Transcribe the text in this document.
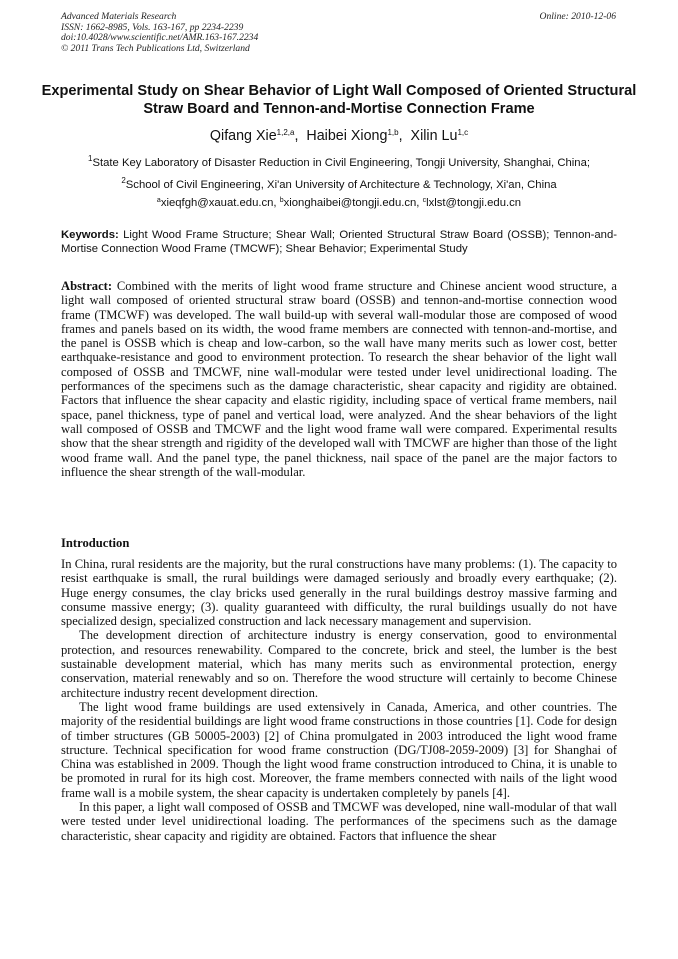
Advanced Materials Research
ISSN: 1662-8985, Vols. 163-167, pp 2234-2239
doi:10.4028/www.scientific.net/AMR.163-167.2234
© 2011 Trans Tech Publications Ltd, Switzerland
Online: 2010-12-06
Experimental Study on Shear Behavior of Light Wall Composed of Oriented Structural Straw Board and Tennon-and-Mortise Connection Frame
Qifang Xie$^{1,2,a}$, Haibei Xiong$^{1,b}$, Xilin Lu$^{1,c}$
$^1$State Key Laboratory of Disaster Reduction in Civil Engineering, Tongji University, Shanghai, China;
$^2$School of Civil Engineering, Xi'an University of Architecture & Technology, Xi'an, China
$^a$xieqfgh@xauat.edu.cn, $^b$xionghaibei@tongji.edu.cn, $^c$lxlst@tongji.edu.cn
Keywords: Light Wood Frame Structure; Shear Wall; Oriented Structural Straw Board (OSSB); Tennon-and-Mortise Connection Wood Frame (TMCWF); Shear Behavior; Experimental Study
Abstract: Combined with the merits of light wood frame structure and Chinese ancient wood structure, a light wall composed of oriented structural straw board (OSSB) and tennon-and-mortise connection wood frame (TMCWF) was developed. The wall build-up with several wall-modular those are composed of wood frames and panels based on its width, the wood frame members are connected with tennon-and-mortise, and the panel is OSSB which is cheap and low-carbon, so the wall have many merits such as lower cost, better earthquake-resistance and good to environment protection. To research the shear behavior of the light wall composed of OSSB and TMCWF, nine wall-modular were tested under level unidirectional loading. The performances of the specimens such as the damage characteristic, shear capacity and rigidity are obtained. Factors that influence the shear capacity and elastic rigidity, including space of vertical frame members, nail space, panel thickness, type of panel and vertical load, were analyzed. And the shear behaviors of the light wall composed of OSSB and TMCWF and the light wood frame wall were compared. Experimental results show that the shear strength and rigidity of the developed wall with TMCWF are higher than those of the light wood frame wall. And the panel type, the panel thickness, nail space of the panel are the major factors to influence the shear strength of the wall-modular.
Introduction

In China, rural residents are the majority, but the rural constructions have many problems: (1). The capacity to resist earthquake is small, the rural buildings were damaged seriously and broadly every earthquake; (2). Huge energy consumes, the clay bricks used generally in the rural buildings destroy massive farming and consume massive energy; (3). quality guaranteed with difficulty, the rural buildings usually do not have specialized design, specialized construction and lack necessary management and supervision.

The development direction of architecture industry is energy conservation, good to environmental protection, and resources renewability. Compared to the concrete, brick and steel, the lumber is the best sustainable development material, which has many merits such as environmental protection, energy conservation, material renewably and so on. Therefore the wood structure will certainly to become Chinese architecture industry recent development direction.

The light wood frame buildings are used extensively in Canada, America, and other countries. The majority of the residential buildings are light wood frame constructions in those countries [1]. Code for design of timber structures (GB 50005-2003) [2] of China promulgated in 2003 introduced the light wood frame structure. Technical specification for wood frame construction (DG/TJ08-2059-2009) [3] for Shanghai of China was established in 2009. Though the light wood frame construction introduced to China, it is unable to be promoted in rural for its high cost. Moreover, the frame members connected with nails of the light wood frame wall is a mobile system, the shear capacity is undertaken completely by panels [4].

In this paper, a light wall composed of OSSB and TMCWF was developed, nine wall-modular of that wall were tested under level unidirectional loading. The performances of the specimens such as the damage characteristic, shear capacity and rigidity are obtained. Factors that influence the shear
